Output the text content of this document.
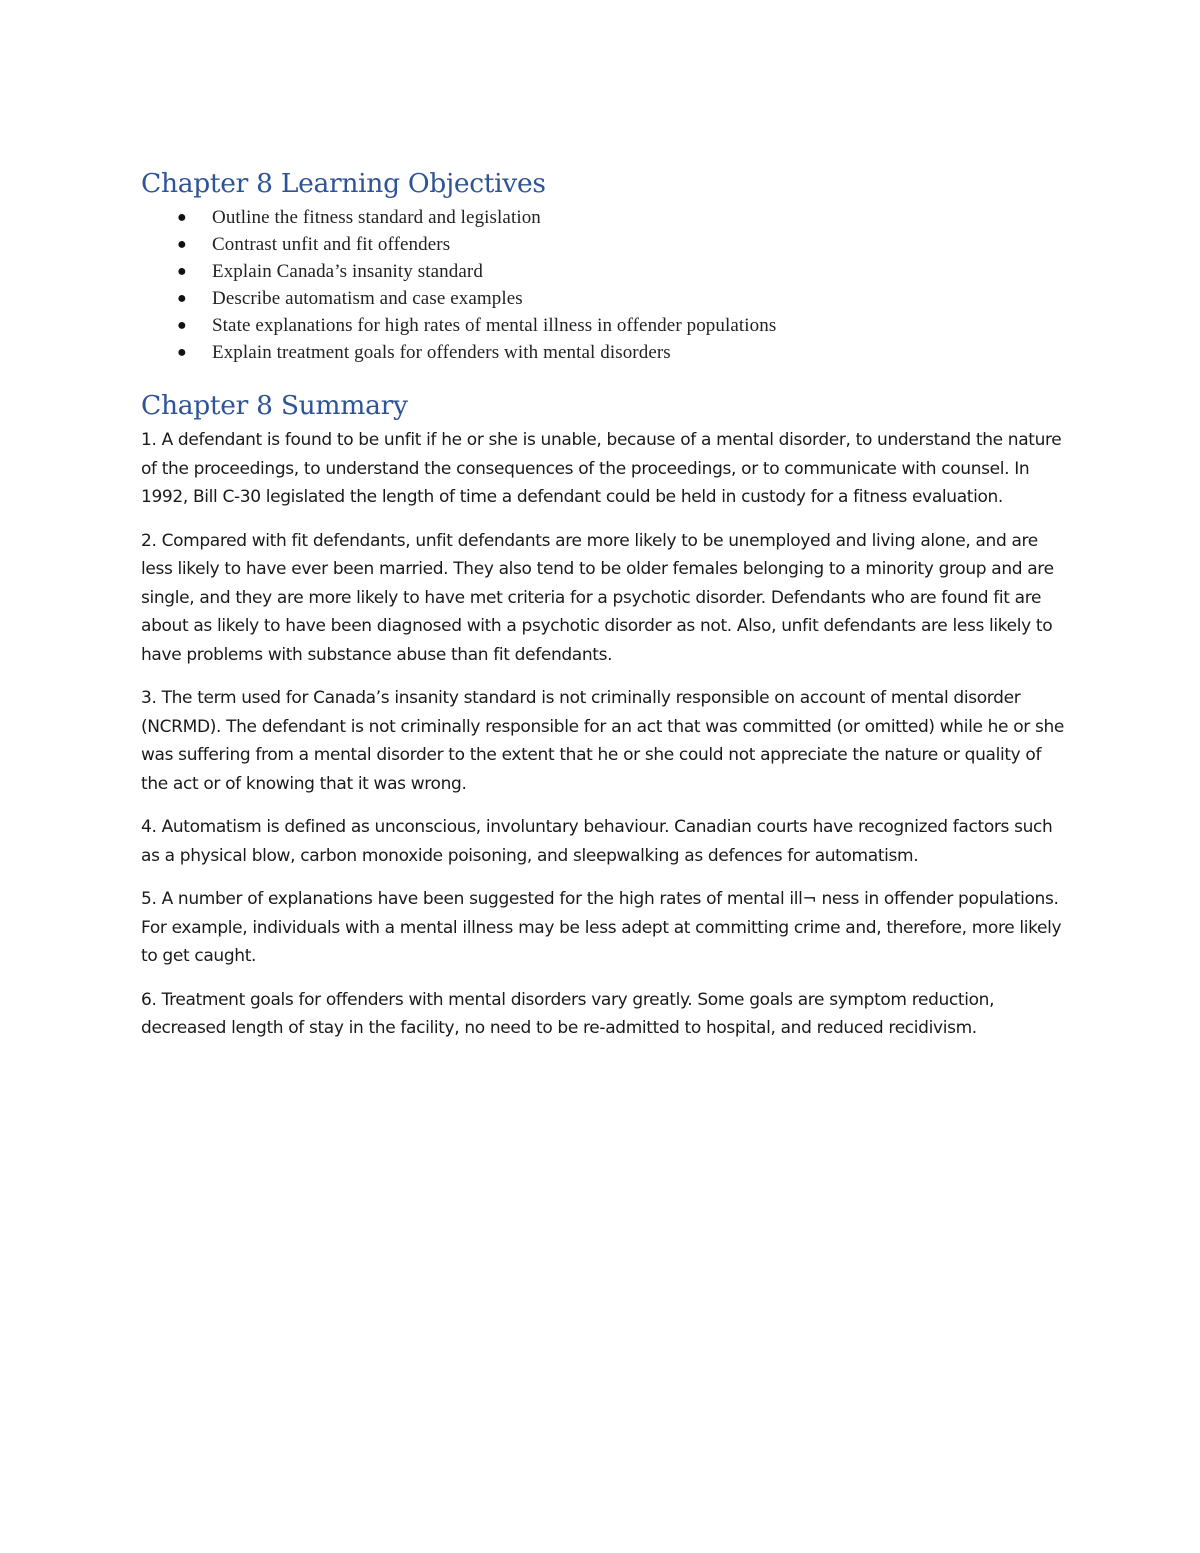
Chapter 8 Learning Objectives
● Outline the fitness standard and legislation
● Contrast unfit and fit offenders
● Explain Canada’s insanity standard
● Describe automatism and case examples
● State explanations for high rates of mental illness in offender populations
● Explain treatment goals for offenders with mental disorders
Chapter 8 Summary

1. A defendant is found to be unfit if he or she is unable, because of a mental disorder, to understand the nature of the proceedings, to understand the consequences of the proceedings, or to communicate with counsel. In 1992, Bill C-30 legislated the length of time a defendant could be held in custody for a fitness evaluation.

2. Compared with fit defendants, unfit defendants are more likely to be unemployed and living alone, and are less likely to have ever been married. They also tend to be older females belonging to a minority group and are single, and they are more likely to have met criteria for a psychotic disorder. Defendants who are found fit are about as likely to have been diagnosed with a psychotic disorder as not. Also, unfit defendants are less likely to have problems with substance abuse than fit defendants.

3. The term used for Canada’s insanity standard is not criminally responsible on account of mental disorder (NCRMD). The defendant is not criminally responsible for an act that was committed (or omitted) while he or she was suffering from a mental disorder to the extent that he or she could not appreciate the nature or quality of the act or of knowing that it was wrong.

4. Automatism is defined as unconscious, involuntary behaviour. Canadian courts have recognized factors such as a physical blow, carbon monoxide poisoning, and sleepwalking as defences for automatism.

5. A number of explanations have been suggested for the high rates of mental ill¬ ness in offender populations. For example, individuals with a mental illness may be less adept at committing crime and, therefore, more likely to get caught.

6. Treatment goals for offenders with mental disorders vary greatly. Some goals are symptom reduction, decreased length of stay in the facility, no need to be re-admitted to hospital, and reduced recidivism.
